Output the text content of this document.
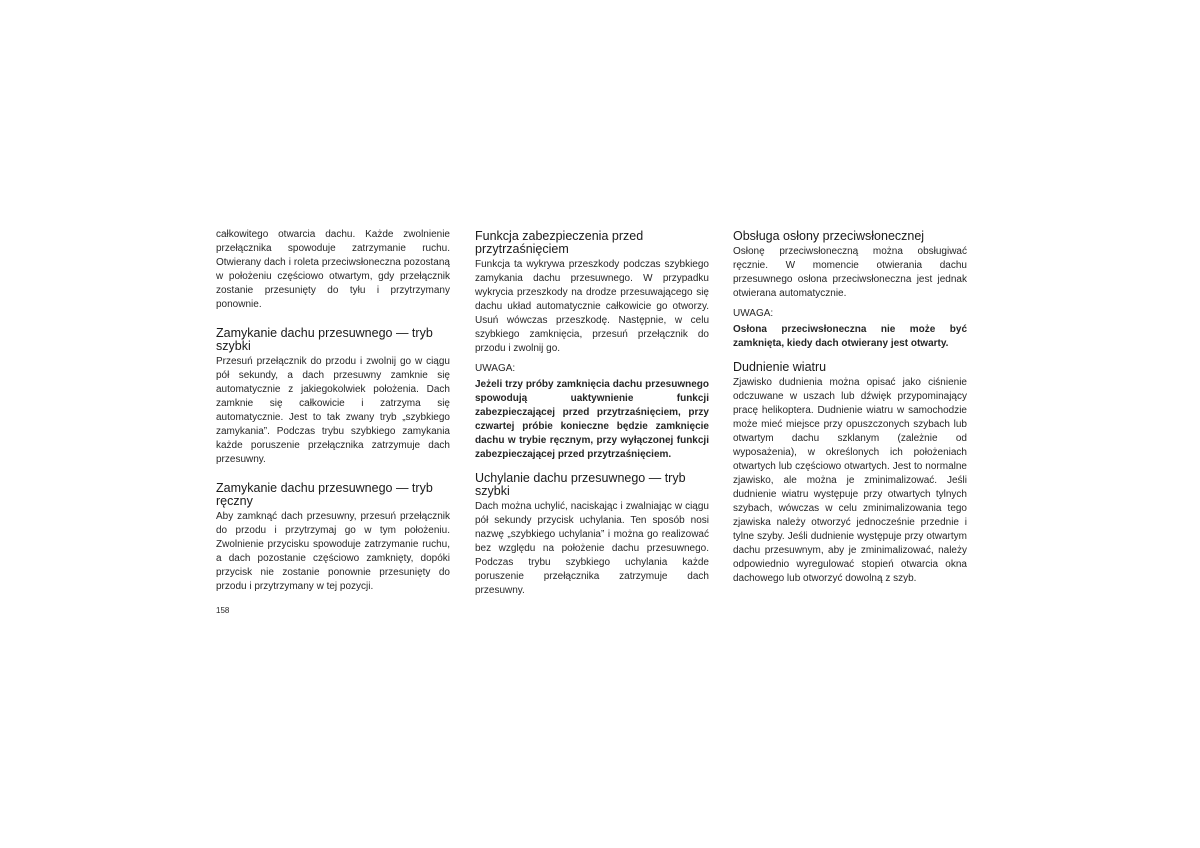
całkowitego otwarcia dachu. Każde zwolnienie przełącznika spowoduje zatrzymanie ruchu. Otwierany dach i roleta przeciwsłoneczna pozostaną w położeniu częściowo otwartym, gdy przełącznik zostanie przesunięty do tyłu i przytrzymany ponownie.

Zamykanie dachu przesuwnego — tryb szybki

Przesuń przełącznik do przodu i zwolnij go w ciągu pół sekundy, a dach przesuwny zamknie się automatycznie z jakiegokolwiek położenia. Dach zamknie się całkowicie i zatrzyma się automatycznie. Jest to tak zwany tryb „szybkiego zamykania”. Podczas trybu szybkiego zamykania każde poruszenie przełącznika zatrzymuje dach przesuwny.

Zamykanie dachu przesuwnego — tryb ręczny

Aby zamknąć dach przesuwny, przesuń przełącznik do przodu i przytrzymaj go w tym położeniu. Zwolnienie przycisku spowoduje zatrzymanie ruchu, a dach pozostanie częściowo zamknięty, dopóki przycisk nie zostanie ponownie przesunięty do przodu i przytrzymany w tej pozycji.

Funkcja zabezpieczenia przed przytrzaśnięciem

Funkcja ta wykrywa przeszkody podczas szybkiego zamykania dachu przesuwnego. W przypadku wykrycia przeszkody na drodze przesuwającego się dachu układ automatycznie całkowicie go otworzy. Usuń wówczas przeszkodę. Następnie, w celu szybkiego zamknięcia, przesuń przełącznik do przodu i zwolnij go.

UWAGA:

Jeżeli trzy próby zamknięcia dachu przesuwnego spowodują uaktywnienie funkcji zabezpieczającej przed przytrzaśnięciem, przy czwartej próbie konieczne będzie zamknięcie dachu w trybie ręcznym, przy wyłączonej funkcji zabezpieczającej przed przytrzaśnięciem.

Uchylanie dachu przesuwnego — tryb szybki

Dach można uchylić, naciskając i zwalniając w ciągu pół sekundy przycisk uchylania. Ten sposób nosi nazwę „szybkiego uchylania” i można go realizować bez względu na położenie dachu przesuwnego. Podczas trybu szybkiego uchylania każde poruszenie przełącznika zatrzymuje dach przesuwny.

Obsługa osłony przeciwsłonecznej

Osłonę przeciwsłoneczną można obsługiwać ręcznie. W momencie otwierania dachu przesuwnego osłona przeciwsłoneczna jest jednak otwierana automatycznie.

UWAGA:

Osłona przeciwsłoneczna nie może być zamknięta, kiedy dach otwierany jest otwarty.

Dudnienie wiatru

Zjawisko dudnienia można opisać jako ciśnienie odczuwane w uszach lub dźwięk przypominający pracę helikoptera. Dudnienie wiatru w samochodzie może mieć miejsce przy opuszczonych szybach lub otwartym dachu szklanym (zależnie od wyposażenia), w określonych ich położeniach otwartych lub częściowo otwartych. Jest to normalne zjawisko, ale można je zminimalizować. Jeśli dudnienie wiatru występuje przy otwartych tylnych szybach, wówczas w celu zminimalizowania tego zjawiska należy otworzyć jednocześnie przednie i tylne szyby. Jeśli dudnienie występuje przy otwartym dachu przesuwnym, aby je zminimalizować, należy odpowiednio wyregulować stopień otwarcia okna dachowego lub otworzyć dowolną z szyb.

158
